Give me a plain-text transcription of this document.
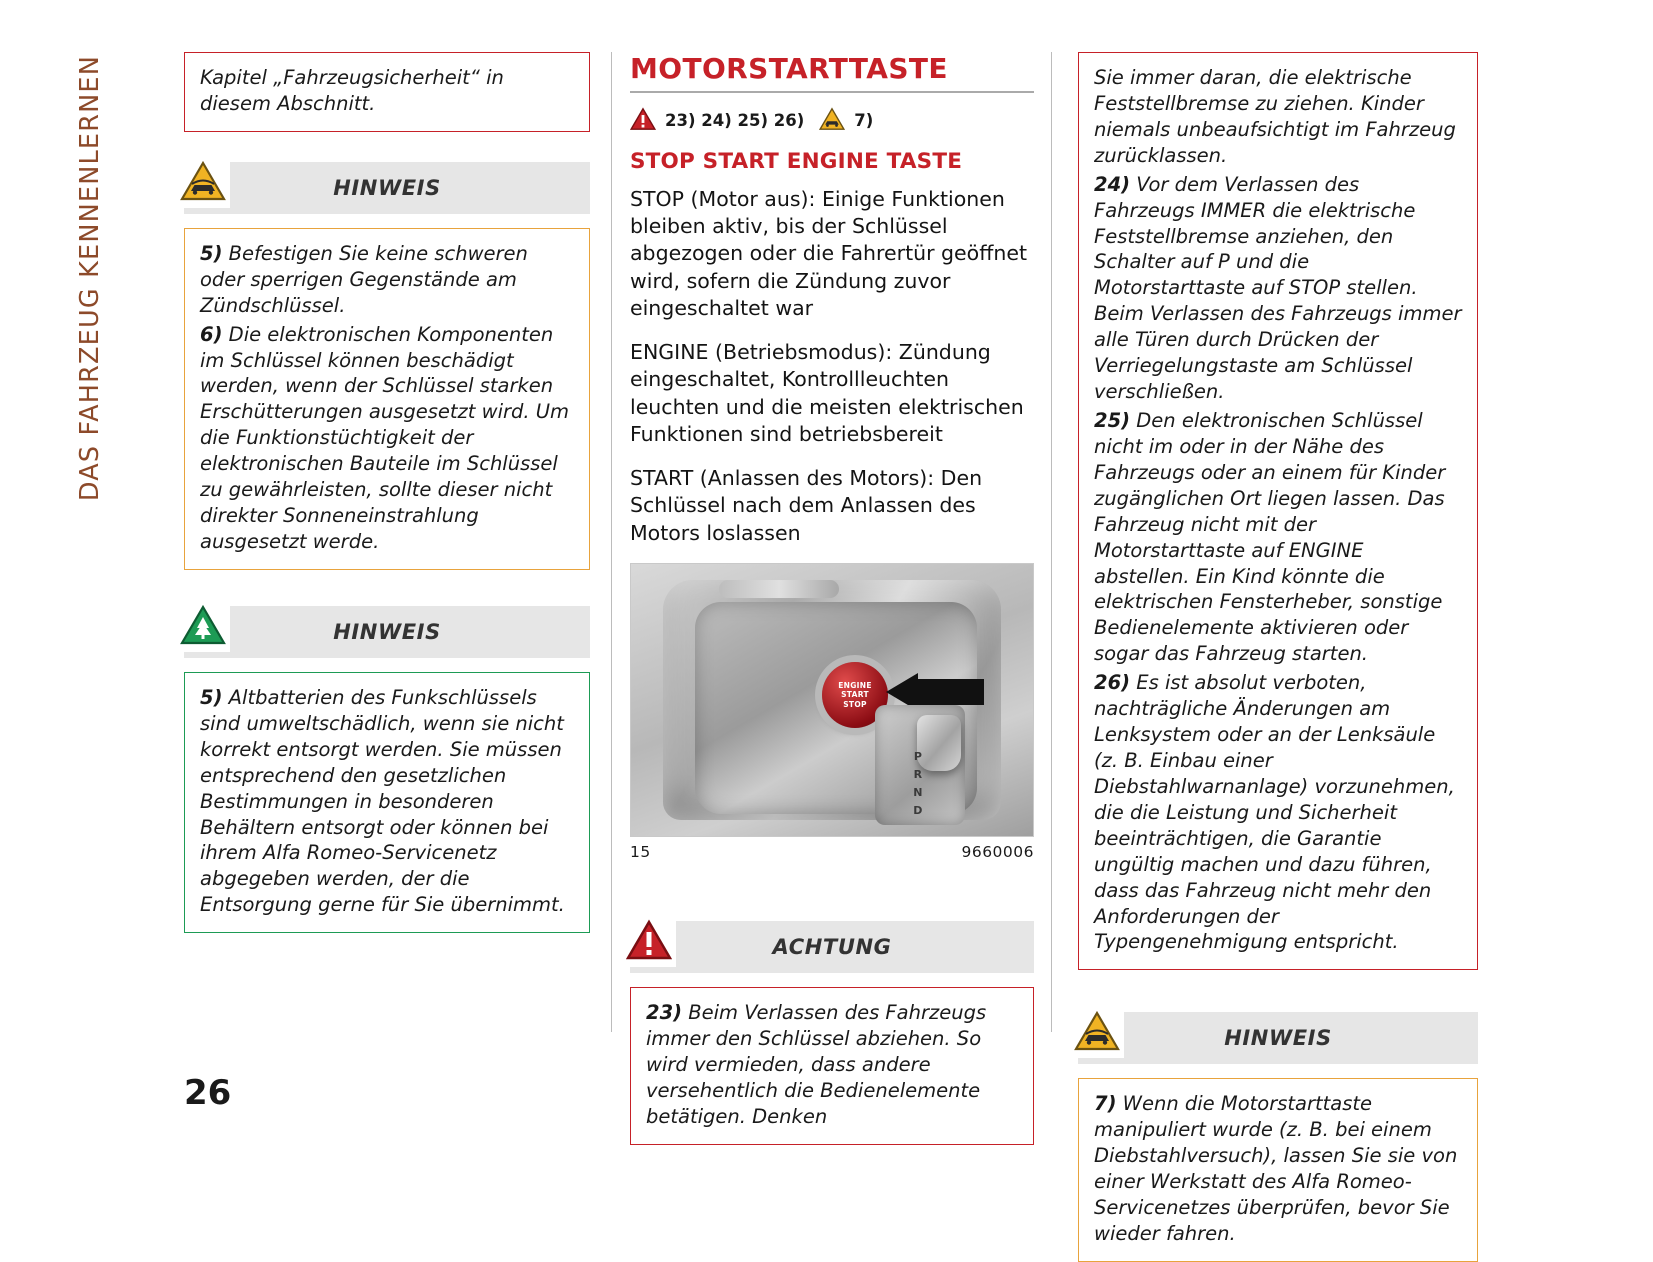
DAS FAHRZEUG KENNENLERNEN	Kapitel „Fahrzeugsicherheit“ in diesem Abschnitt.

HINWEIS

5) Befestigen Sie keine schweren oder sperrigen Gegenstände am Zündschlüssel.

6) Die elektronischen Komponenten im Schlüssel können beschädigt werden, wenn der Schlüssel starken Erschütterungen ausgesetzt wird. Um die Funktionstüchtigkeit der elektronischen Bauteile im Schlüssel zu gewährleisten, sollte dieser nicht direkter Sonneneinstrahlung ausgesetzt werde.

HINWEIS

5) Altbatterien des Funkschlüssels sind umweltschädlich, wenn sie nicht korrekt entsorgt werden. Sie müssen entsprechend den gesetzlichen Bestimmungen in besonderen Behältern entsorgt oder können bei ihrem Alfa Romeo-Servicenetz abgegeben werden, der die Entsorgung gerne für Sie übernimmt.

MOTORSTARTTASTE
23) 24) 25) 26)	7)
STOP START ENGINE TASTE

STOP (Motor aus): Einige Funktionen bleiben aktiv, bis der Schlüssel abgezogen oder die Fahrertür geöffnet wird, sofern die Zündung zuvor eingeschaltet war

ENGINE (Betriebsmodus): Zündung eingeschaltet, Kontrollleuchten leuchten und die meisten elektrischen Funktionen sind betriebsbereit

START (Anlassen des Motors): Den Schlüssel nach dem Anlassen des Motors loslassen

ENGINE
START
STOP
P
R
N
D
15	9660006
ACHTUNG

23) Beim Verlassen des Fahrzeugs immer den Schlüssel abziehen. So wird vermieden, dass andere versehentlich die Bedienelemente betätigen. Denken

Sie immer daran, die elektrische Feststellbremse zu ziehen. Kinder niemals unbeaufsichtigt im Fahrzeug zurücklassen.

24) Vor dem Verlassen des Fahrzeugs IMMER die elektrische Feststellbremse anziehen, den Schalter auf P und die Motorstarttaste auf STOP stellen. Beim Verlassen des Fahrzeugs immer alle Türen durch Drücken der Verriegelungstaste am Schlüssel verschließen.

25) Den elektronischen Schlüssel nicht im oder in der Nähe des Fahrzeugs oder an einem für Kinder zugänglichen Ort liegen lassen. Das Fahrzeug nicht mit der Motorstarttaste auf ENGINE abstellen. Ein Kind könnte die elektrischen Fensterheber, sonstige Bedienelemente aktivieren oder sogar das Fahrzeug starten.

26) Es ist absolut verboten, nachträgliche Änderungen am Lenksystem oder an der Lenksäule (z. B. Einbau einer Diebstahlwarnanlage) vorzunehmen, die die Leistung und Sicherheit beeinträchtigen, die Garantie ungültig machen und dazu führen, dass das Fahrzeug nicht mehr den Anforderungen der Typengenehmigung entspricht.

HINWEIS

7) Wenn die Motorstarttaste manipuliert wurde (z. B. bei einem Diebstahlversuch), lassen Sie sie von einer Werkstatt des Alfa Romeo-Servicenetzes überprüfen, bevor Sie wieder fahren.

26
